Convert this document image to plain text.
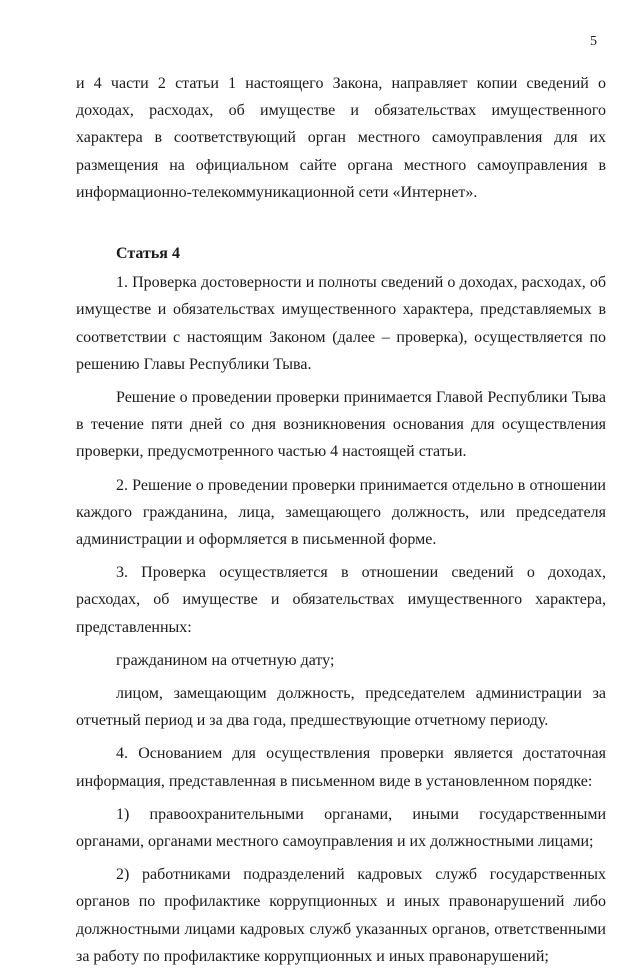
5

и 4 части 2 статьи 1 настоящего Закона, направляет копии сведений о доходах, расходах, об имуществе и обязательствах имущественного характера в соответствующий орган местного самоуправления для их размещения на официальном сайте органа местного самоуправления в информационно-телекоммуникационной сети «Интернет».

Статья 4

1. Проверка достоверности и полноты сведений о доходах, расходах, об имуществе и обязательствах имущественного характера, представляемых в соответствии с настоящим Законом (далее – проверка), осуществляется по решению Главы Республики Тыва.

Решение о проведении проверки принимается Главой Республики Тыва в течение пяти дней со дня возникновения основания для осуществления проверки, предусмотренного частью 4 настоящей статьи.

2. Решение о проведении проверки принимается отдельно в отношении каждого гражданина, лица, замещающего должность, или председателя администрации и оформляется в письменной форме.

3. Проверка осуществляется в отношении сведений о доходах, расходах, об имуществе и обязательствах имущественного характера, представленных:

гражданином на отчетную дату;

лицом, замещающим должность, председателем администрации за отчетный период и за два года, предшествующие отчетному периоду.

4. Основанием для осуществления проверки является достаточная информация, представленная в письменном виде в установленном порядке:

1) правоохранительными органами, иными государственными органами, органами местного самоуправления и их должностными лицами;

2) работниками подразделений кадровых служб государственных органов по профилактике коррупционных и иных правонарушений либо должностными лицами кадровых служб указанных органов, ответственными за работу по профилактике коррупционных и иных правонарушений;
